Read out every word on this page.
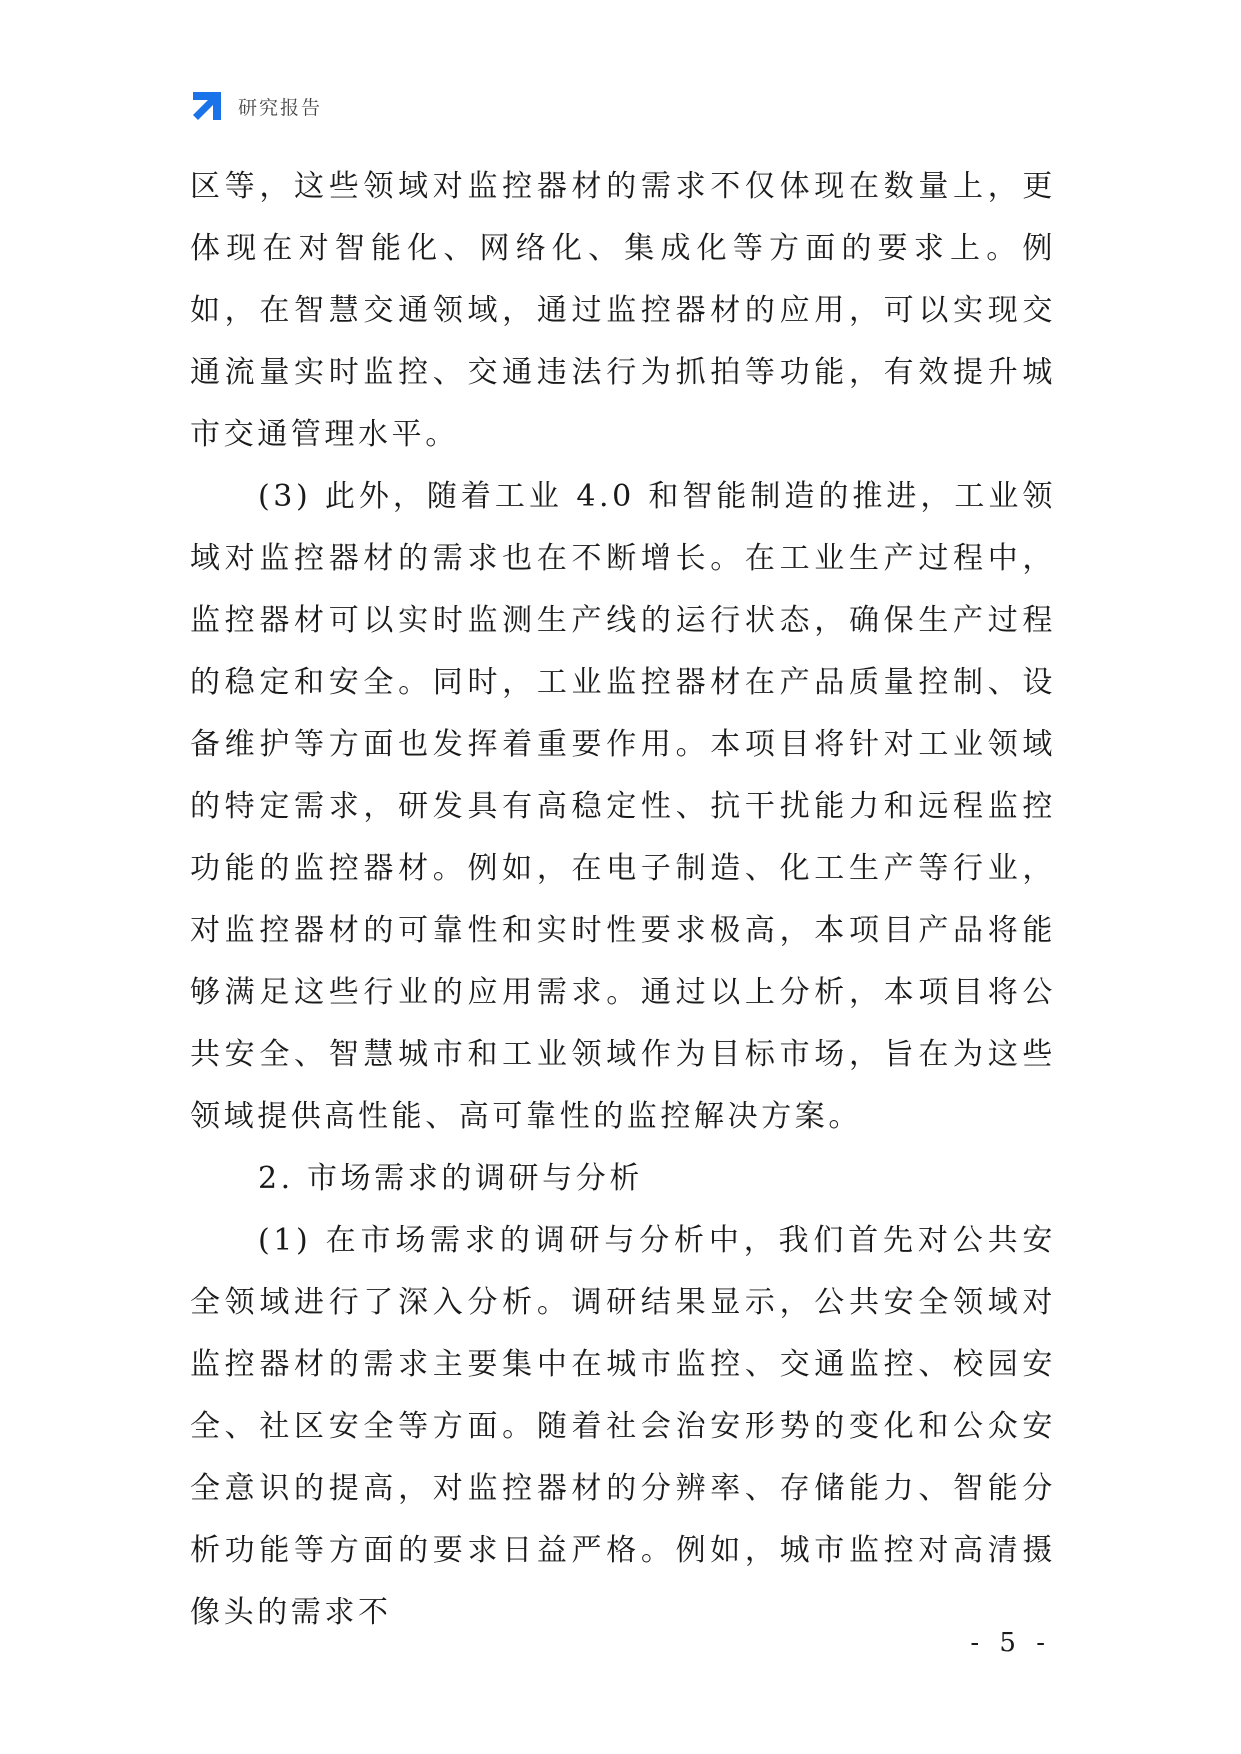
研究报告

区等，这些领域对监控器材的需求不仅体现在数量上，更体现在对智能化、网络化、集成化等方面的要求上。例如，在智慧交通领域，通过监控器材的应用，可以实现交通流量实时监控、交通违法行为抓拍等功能，有效提升城市交通管理水平。

(3) 此外，随着工业 4.0 和智能制造的推进，工业领域对监控器材的需求也在不断增长。在工业生产过程中，监控器材可以实时监测生产线的运行状态，确保生产过程的稳定和安全。同时，工业监控器材在产品质量控制、设备维护等方面也发挥着重要作用。本项目将针对工业领域的特定需求，研发具有高稳定性、抗干扰能力和远程监控功能的监控器材。例如，在电子制造、化工生产等行业，对监控器材的可靠性和实时性要求极高，本项目产品将能够满足这些行业的应用需求。通过以上分析，本项目将公共安全、智慧城市和工业领域作为目标市场，旨在为这些领域提供高性能、高可靠性的监控解决方案。

2. 市场需求的调研与分析

(1) 在市场需求的调研与分析中，我们首先对公共安全领域进行了深入分析。调研结果显示，公共安全领域对监控器材的需求主要集中在城市监控、交通监控、校园安全、社区安全等方面。随着社会治安形势的变化和公众安全意识的提高，对监控器材的分辨率、存储能力、智能分析功能等方面的要求日益严格。例如，城市监控对高清摄像头的需求不

- 5 -
